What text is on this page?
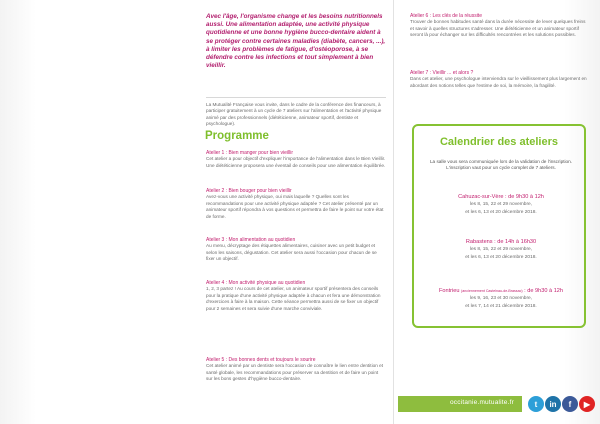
Avec l'âge, l'organisme change et les besoins nutritionnels aussi. Une alimentation adaptée, une activité physique quotidienne et une bonne hygiène bucco-dentaire aident à se protéger contre certaines maladies (diabète, cancers, ...), à limiter les problèmes de fatigue, d'ostéoporose, à se défendre contre les infections et tout simplement à bien vieillir.

La Mutualité Française vous invite, dans le cadre de la conférence des financeurs, à participer gratuitement à un cycle de 7 ateliers sur l'alimentation et l'activité physique animé par des professionnels (diététicienne, animateur sportif, dentiste et psychologue).

Programme
Atelier 1 : Bien manger pour bien vieillir
Cet atelier a pour objectif d'expliquer l'importance de l'alimentation dans le Bien Vieillir. Une diététicienne proposera une éventail de conseils pour une alimentation équilibrée.
Atelier 2 : Bien bouger pour bien vieillir
Avez-vous une activité physique, oui mais laquelle ? Quelles sont les recommandations pour une activité physique adaptée ? Cet atelier présenté par un animateur sportif répondra à vos questions et permettra de faire le point sur votre état de forme.
Atelier 3 : Mon alimentation au quotidien
Au menu, décryptage des étiquettes alimentaires, cuisiner avec un petit budget et selon les saisons, dégustation. Cet atelier sera aussi l'occasion pour chacun de se fixer un objectif.
Atelier 4 : Mon activité physique au quotidien
1, 2, 3 partez ! Au cours de cet atelier, un animateur sportif présentera des conseils pour la pratique d'une activité physique adaptée à chacun et fera une démonstration d'exercices à faire à la maison. Cette séance permettra aussi de se fixer un objectif pour 2 semaines et sera suivie d'une marche conviviale.
Atelier 5 : Des bonnes dents et toujours le sourire
Cet atelier animé par un dentiste sera l'occasion de connaître le lien entre dentition et santé globale, les recommandations pour préserver sa dentition et de faire un point sur les bons gestes d'hygiène bucco-dentaire.
Atelier 6 : Les clés de la réussite
Trouver de bonnes habitudes santé dans la durée nécessite de lever quelques freins et savoir à quelles structures s'adresser. Une diététicienne et un animateur sportif seront là pour échanger sur les difficultés rencontrées et les solutions possibles.
Atelier 7 : Vieillir ... et alors ?
Dans cet atelier, une psychologue interviendra sur le vieillissement plus largement en abordant des notions telles que l'estime de soi, la mémoire, la fragilité.
Calendrier des ateliers

La salle vous sera communiquée lors de la validation de l'inscription. L'inscription vaut pour un cycle complet de 7 ateliers.

Cahuzac-sur-Vère : de 9h30 à 12h
les 8, 15, 22 et 29 novembre,
et les 6, 13 et 20 décembre 2018.
Rabastens : de 14h à 16h30
les 8, 15, 22 et 29 novembre,
et les 6, 13 et 20 décembre 2018.
Fontrieu (anciennement Castelnau-de-Brassac) : de 9h30 à 12h
les 9, 16, 23 et 30 novembre,
et les 7, 14 et 21 décembre 2018.
occitanie.mutualite.fr	t in f ▶
